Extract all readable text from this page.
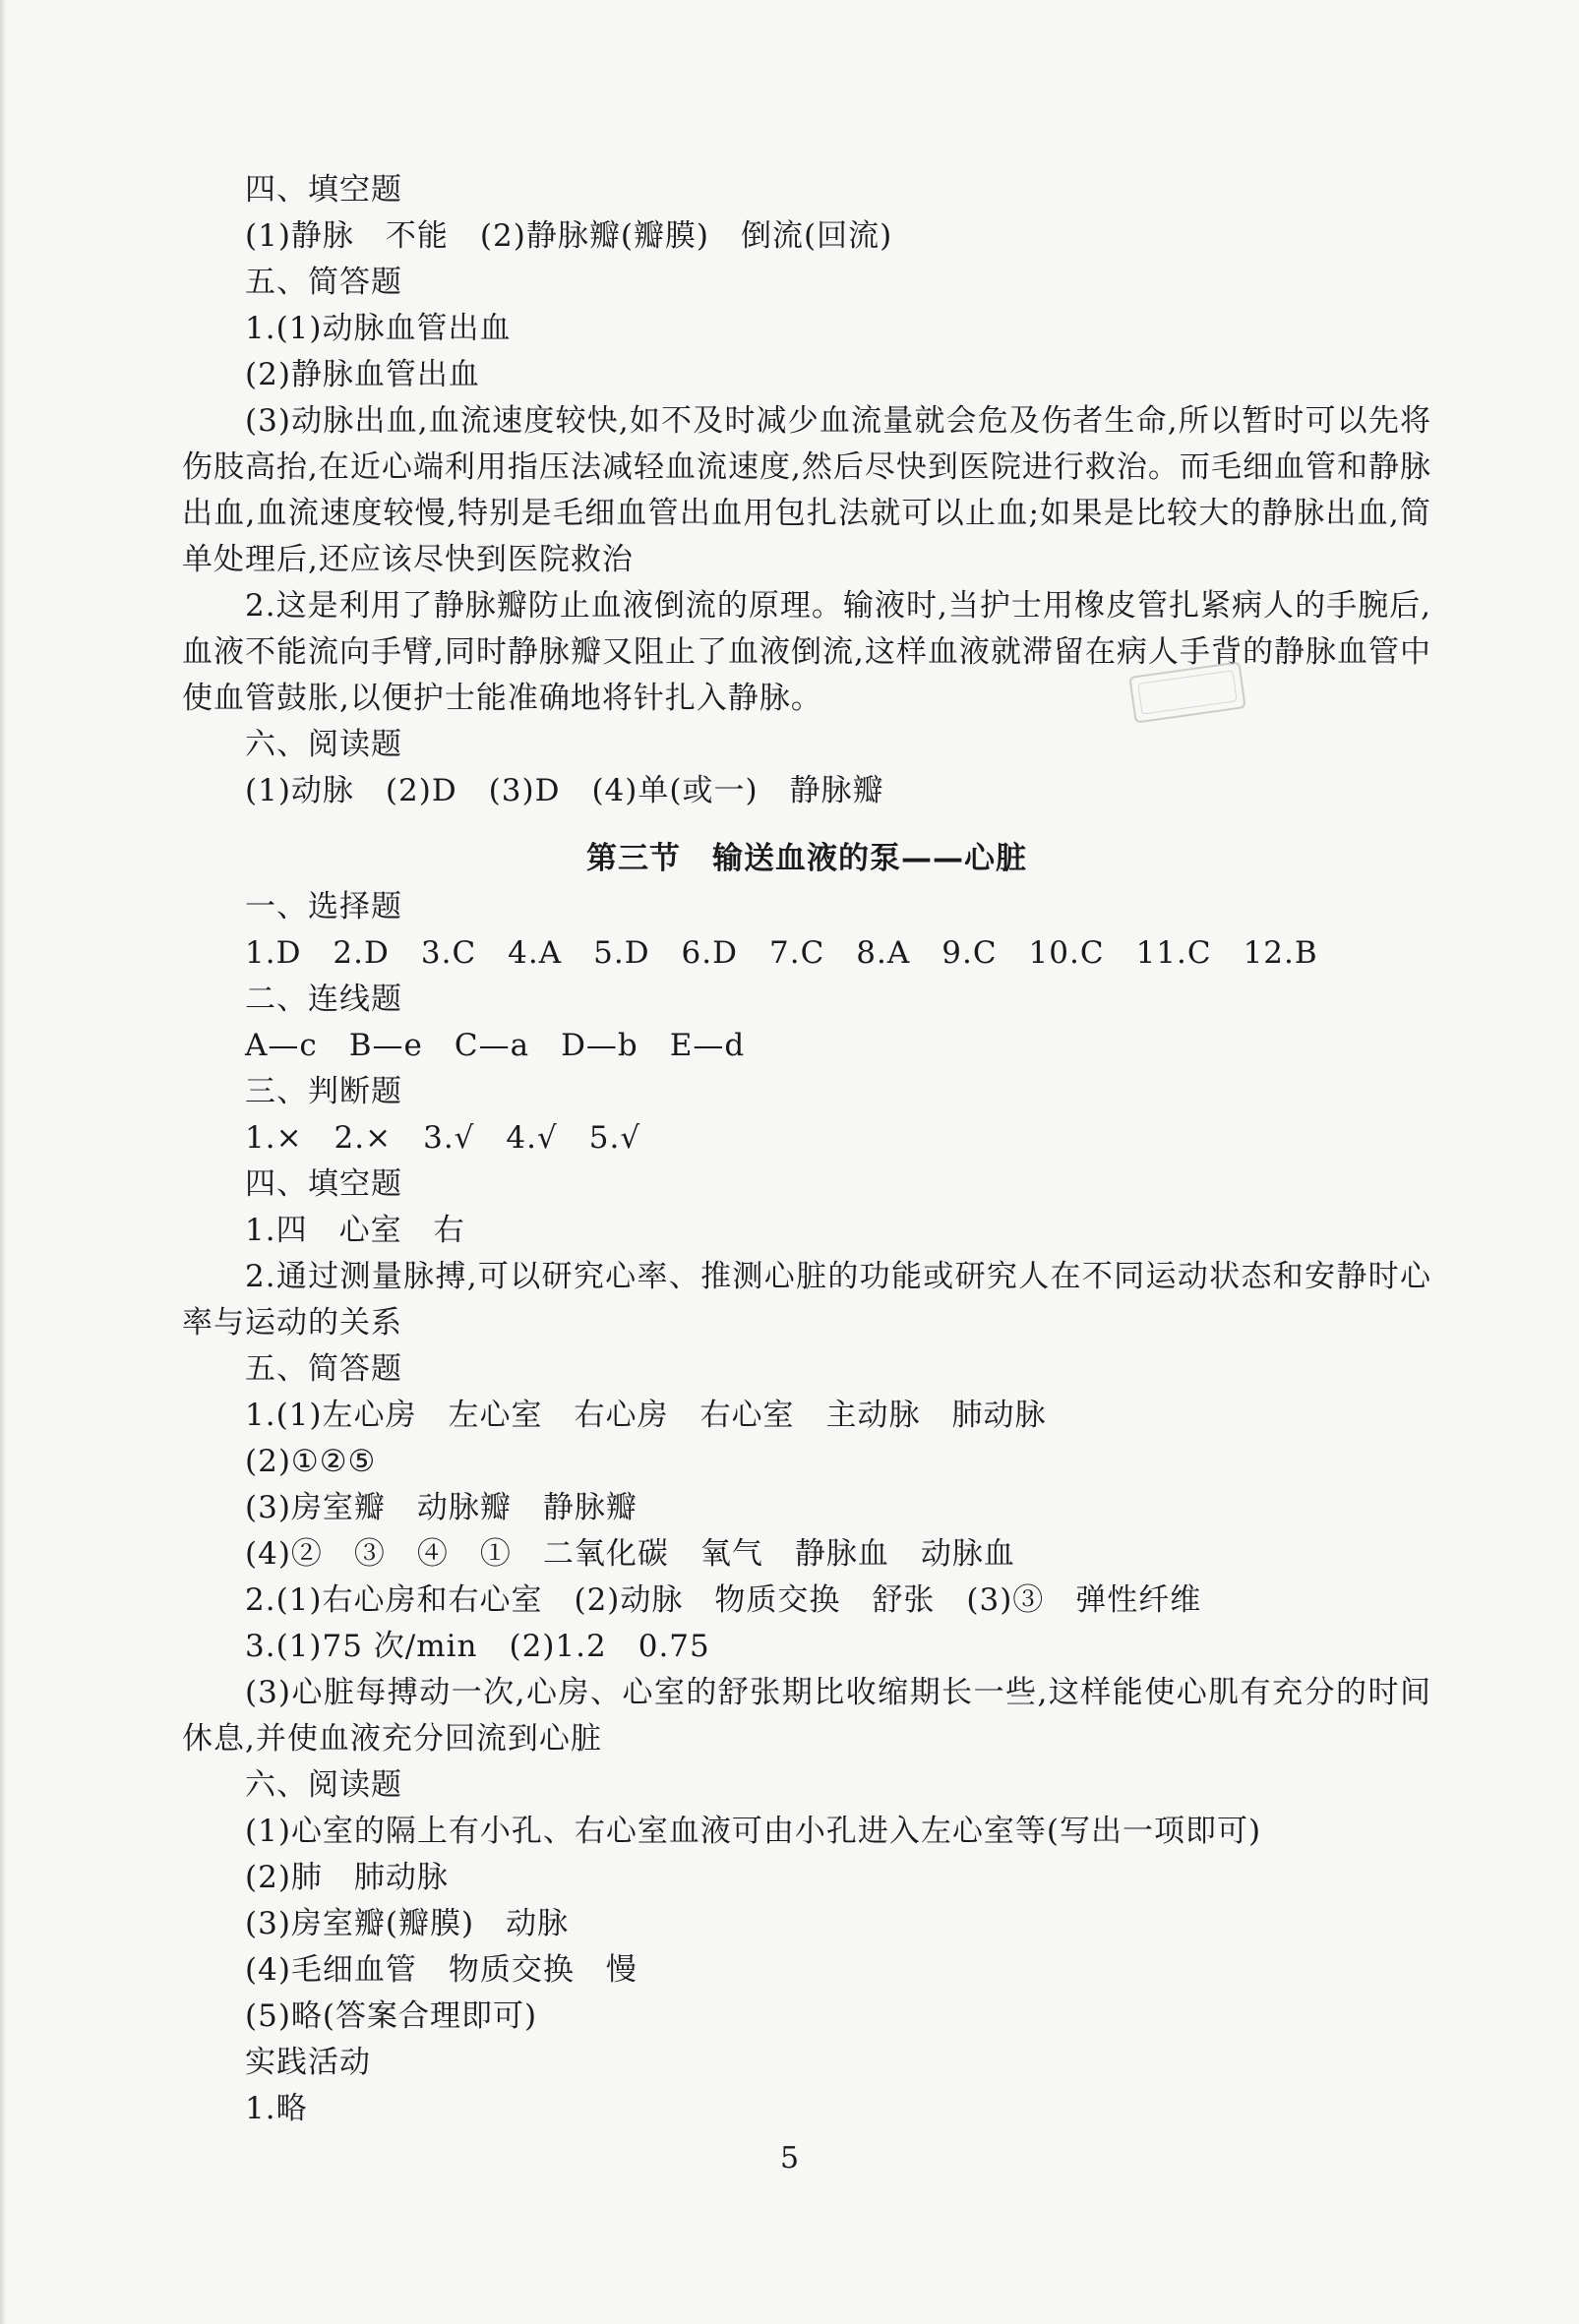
四、填空题
(1)静脉　不能　(2)静脉瓣(瓣膜)　倒流(回流)
五、简答题
1.(1)动脉血管出血
(2)静脉血管出血
(3)动脉出血,血流速度较快,如不及时减少血流量就会危及伤者生命,所以暂时可以先将伤肢高抬,在近心端利用指压法减轻血流速度,然后尽快到医院进行救治。而毛细血管和静脉出血,血流速度较慢,特别是毛细血管出血用包扎法就可以止血;如果是比较大的静脉出血,简单处理后,还应该尽快到医院救治
2.这是利用了静脉瓣防止血液倒流的原理。输液时,当护士用橡皮管扎紧病人的手腕后,血液不能流向手臂,同时静脉瓣又阻止了血液倒流,这样血液就滞留在病人手背的静脉血管中使血管鼓胀,以便护士能准确地将针扎入静脉。
六、阅读题
(1)动脉　(2)D　(3)D　(4)单(或一)　静脉瓣
第三节　输送血液的泵——心脏
一、选择题
1.D　2.D　3.C　4.A　5.D　6.D　7.C　8.A　9.C　10.C　11.C　12.B
二、连线题
A—c　B—e　C—a　D—b　E—d
三、判断题
1.×　2.×　3.√　4.√　5.√
四、填空题
1.四　心室　右
2.通过测量脉搏,可以研究心率、推测心脏的功能或研究人在不同运动状态和安静时心率与运动的关系
五、简答题
1.(1)左心房　左心室　右心房　右心室　主动脉　肺动脉
(2)①②⑤
(3)房室瓣　动脉瓣　静脉瓣
(4)②　③　④　①　二氧化碳　氧气　静脉血　动脉血
2.(1)右心房和右心室　(2)动脉　物质交换　舒张　(3)③　弹性纤维
3.(1)75 次/min　(2)1.2　0.75
(3)心脏每搏动一次,心房、心室的舒张期比收缩期长一些,这样能使心肌有充分的时间休息,并使血液充分回流到心脏
六、阅读题
(1)心室的隔上有小孔、右心室血液可由小孔进入左心室等(写出一项即可)
(2)肺　肺动脉
(3)房室瓣(瓣膜)　动脉
(4)毛细血管　物质交换　慢
(5)略(答案合理即可)
实践活动
1.略
5
